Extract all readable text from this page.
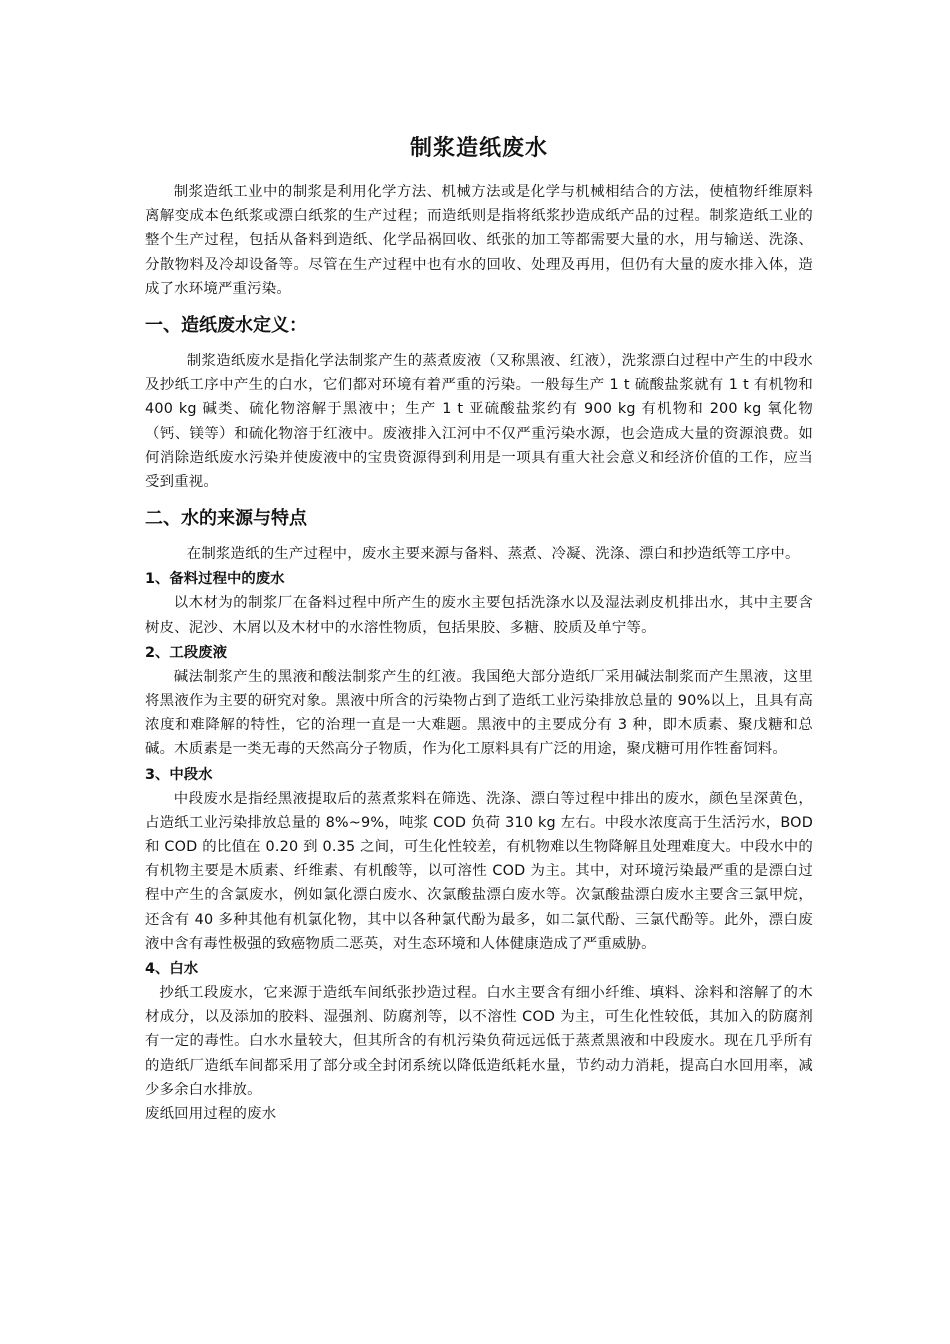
制浆造纸废水

制浆造纸工业中的制浆是利用化学方法、机械方法或是化学与机械相结合的方法，使植物纤维原料离解变成本色纸浆或漂白纸浆的生产过程；而造纸则是指将纸浆抄造成纸产品的过程。制浆造纸工业的整个生产过程，包括从备料到造纸、化学品祸回收、纸张的加工等都需要大量的水，用与输送、洗涤、分散物料及冷却设备等。尽管在生产过程中也有水的回收、处理及再用，但仍有大量的废水排入体，造成了水环境严重污染。

一、造纸废水定义：

制浆造纸废水是指化学法制浆产生的蒸煮废液（又称黑液、红液），洗浆漂白过程中产生的中段水及抄纸工序中产生的白水，它们都对环境有着严重的污染。一般每生产 1 t 硫酸盐浆就有 1 t 有机物和 400 kg 碱类、硫化物溶解于黑液中；生产 1 t 亚硫酸盐浆约有 900 kg 有机物和 200 kg 氧化物（钙、镁等）和硫化物溶于红液中。废液排入江河中不仅严重污染水源，也会造成大量的资源浪费。如何消除造纸废水污染并使废液中的宝贵资源得到利用是一项具有重大社会意义和经济价值的工作，应当受到重视。

二、水的来源与特点

在制浆造纸的生产过程中，废水主要来源与备料、蒸煮、冷凝、洗涤、漂白和抄造纸等工序中。

1、备料过程中的废水

以木材为的制浆厂在备料过程中所产生的废水主要包括洗涤水以及湿法剥皮机排出水，其中主要含树皮、泥沙、木屑以及木材中的水溶性物质，包括果胶、多糖、胶质及单宁等。

2、工段废液

碱法制浆产生的黑液和酸法制浆产生的红液。我国绝大部分造纸厂采用碱法制浆而产生黑液，这里将黑液作为主要的研究对象。黑液中所含的污染物占到了造纸工业污染排放总量的 90%以上，且具有高浓度和难降解的特性，它的治理一直是一大难题。黑液中的主要成分有 3 种，即木质素、聚戊糖和总碱。木质素是一类无毒的天然高分子物质，作为化工原料具有广泛的用途，聚戊糖可用作牲畜饲料。

3、中段水

中段废水是指经黑液提取后的蒸煮浆料在筛选、洗涤、漂白等过程中排出的废水，颜色呈深黄色，占造纸工业污染排放总量的 8%~9%，吨浆 COD 负荷 310 kg 左右。中段水浓度高于生活污水，BOD 和 COD 的比值在 0.20 到 0.35 之间，可生化性较差，有机物难以生物降解且处理难度大。中段水中的有机物主要是木质素、纤维素、有机酸等，以可溶性 COD 为主。其中，对环境污染最严重的是漂白过程中产生的含氯废水，例如氯化漂白废水、次氯酸盐漂白废水等。次氯酸盐漂白废水主要含三氯甲烷，还含有 40 多种其他有机氯化物，其中以各种氯代酚为最多，如二氯代酚、三氯代酚等。此外，漂白废液中含有毒性极强的致癌物质二恶英，对生态环境和人体健康造成了严重威胁。

4、白水

抄纸工段废水，它来源于造纸车间纸张抄造过程。白水主要含有细小纤维、填料、涂料和溶解了的木材成分，以及添加的胶料、湿强剂、防腐剂等，以不溶性 COD 为主，可生化性较低，其加入的防腐剂有一定的毒性。白水水量较大，但其所含的有机污染负荷远远低于蒸煮黑液和中段废水。现在几乎所有的造纸厂造纸车间都采用了部分或全封闭系统以降低造纸耗水量，节约动力消耗，提高白水回用率，减少多余白水排放。

废纸回用过程的废水
